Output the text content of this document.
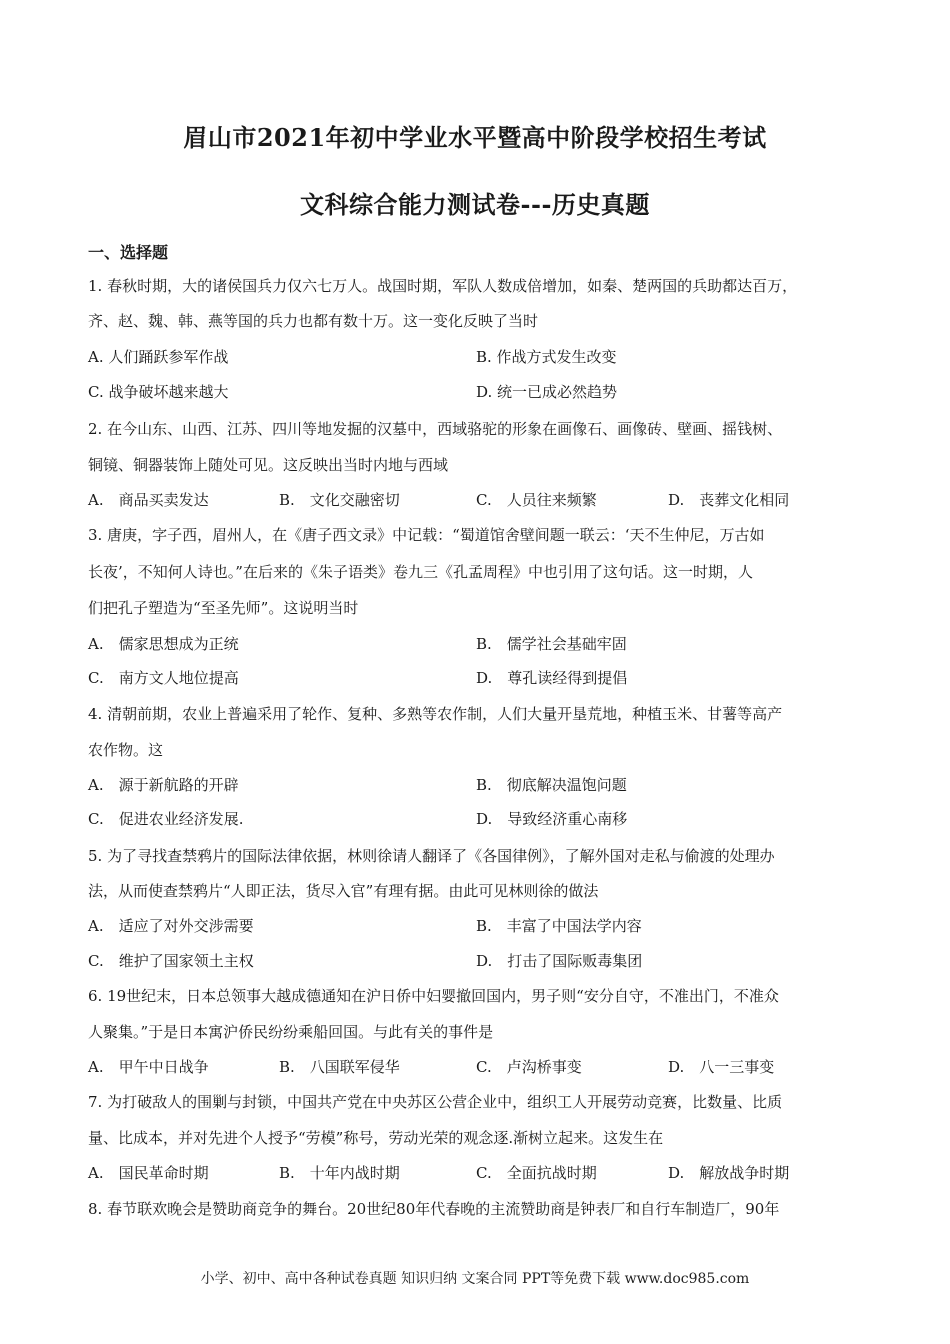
眉山市2021年初中学业水平暨高中阶段学校招生考试
文科综合能力测试卷---历史真题
一、选择题
1. 春秋时期，大的诸侯国兵力仅六七万人。战国时期，军队人数成倍增加，如秦、楚两国的兵助都达百万，
齐、赵、魏、韩、燕等国的兵力也都有数十万。这一变化反映了当时
A. 人们踊跃参军作战	B. 作战方式发生改变
C. 战争破坏越来越大	D. 统一已成必然趋势
2. 在今山东、山西、江苏、四川等地发掘的汉墓中，西域骆驼的形象在画像石、画像砖、壁画、摇钱树、
铜镜、铜器装饰上随处可见。这反映出当时内地与西域
A.　商品买卖发达	B.　文化交融密切	C.　人员往来频繁	D.　丧葬文化相同
3. 唐庚，字子西，眉州人，在《唐子西文录》中记载：“蜀道馆舍壁间题一联云：‘天不生仲尼，万古如
长夜’，不知何人诗也。”在后来的《朱子语类》卷九三《孔孟周程》中也引用了这句话。这一时期，人
们把孔子塑造为“至圣先师”。这说明当时
A.　儒家思想成为正统	B.　儒学社会基础牢固
C.　南方文人地位提高	D.　尊孔读经得到提倡
4. 清朝前期，农业上普遍采用了轮作、复种、多熟等农作制，人们大量开垦荒地，种植玉米、甘薯等高产
农作物。这
A.　源于新航路的开辟	B.　彻底解决温饱问题
C.　促进农业经济发展.	D.　导致经济重心南移
5. 为了寻找查禁鸦片的国际法律依据，林则徐请人翻译了《各国律例》，了解外国对走私与偷渡的处理办
法，从而使查禁鸦片“人即正法，货尽入官”有理有据。由此可见林则徐的做法
A.　适应了对外交涉需要	B.　丰富了中国法学内容
C.　维护了国家领土主权	D.　打击了国际贩毒集团
6. 19世纪末，日本总领事大越成德通知在沪日侨中妇婴撤回国内，男子则“安分自守，不准出门，不准众
人聚集。”于是日本寓沪侨民纷纷乘船回国。与此有关的事件是
A.　甲午中日战争	B.　八国联军侵华	C.　卢沟桥事变	D.　八一三事变
7. 为打破敌人的围剿与封锁，中国共产党在中央苏区公营企业中，组织工人开展劳动竞赛，比数量、比质
量、比成本，并对先进个人授予“劳模”称号，劳动光荣的观念逐.渐树立起来。这发生在
A.　国民革命时期	B.　十年内战时期	C.　全面抗战时期	D.　解放战争时期
8. 春节联欢晚会是赞助商竞争的舞台。20世纪80年代春晚的主流赞助商是钟表厂和自行车制造厂，90年
小学、初中、高中各种试卷真题 知识归纳 文案合同 PPT等免费下载 www.doc985.com
